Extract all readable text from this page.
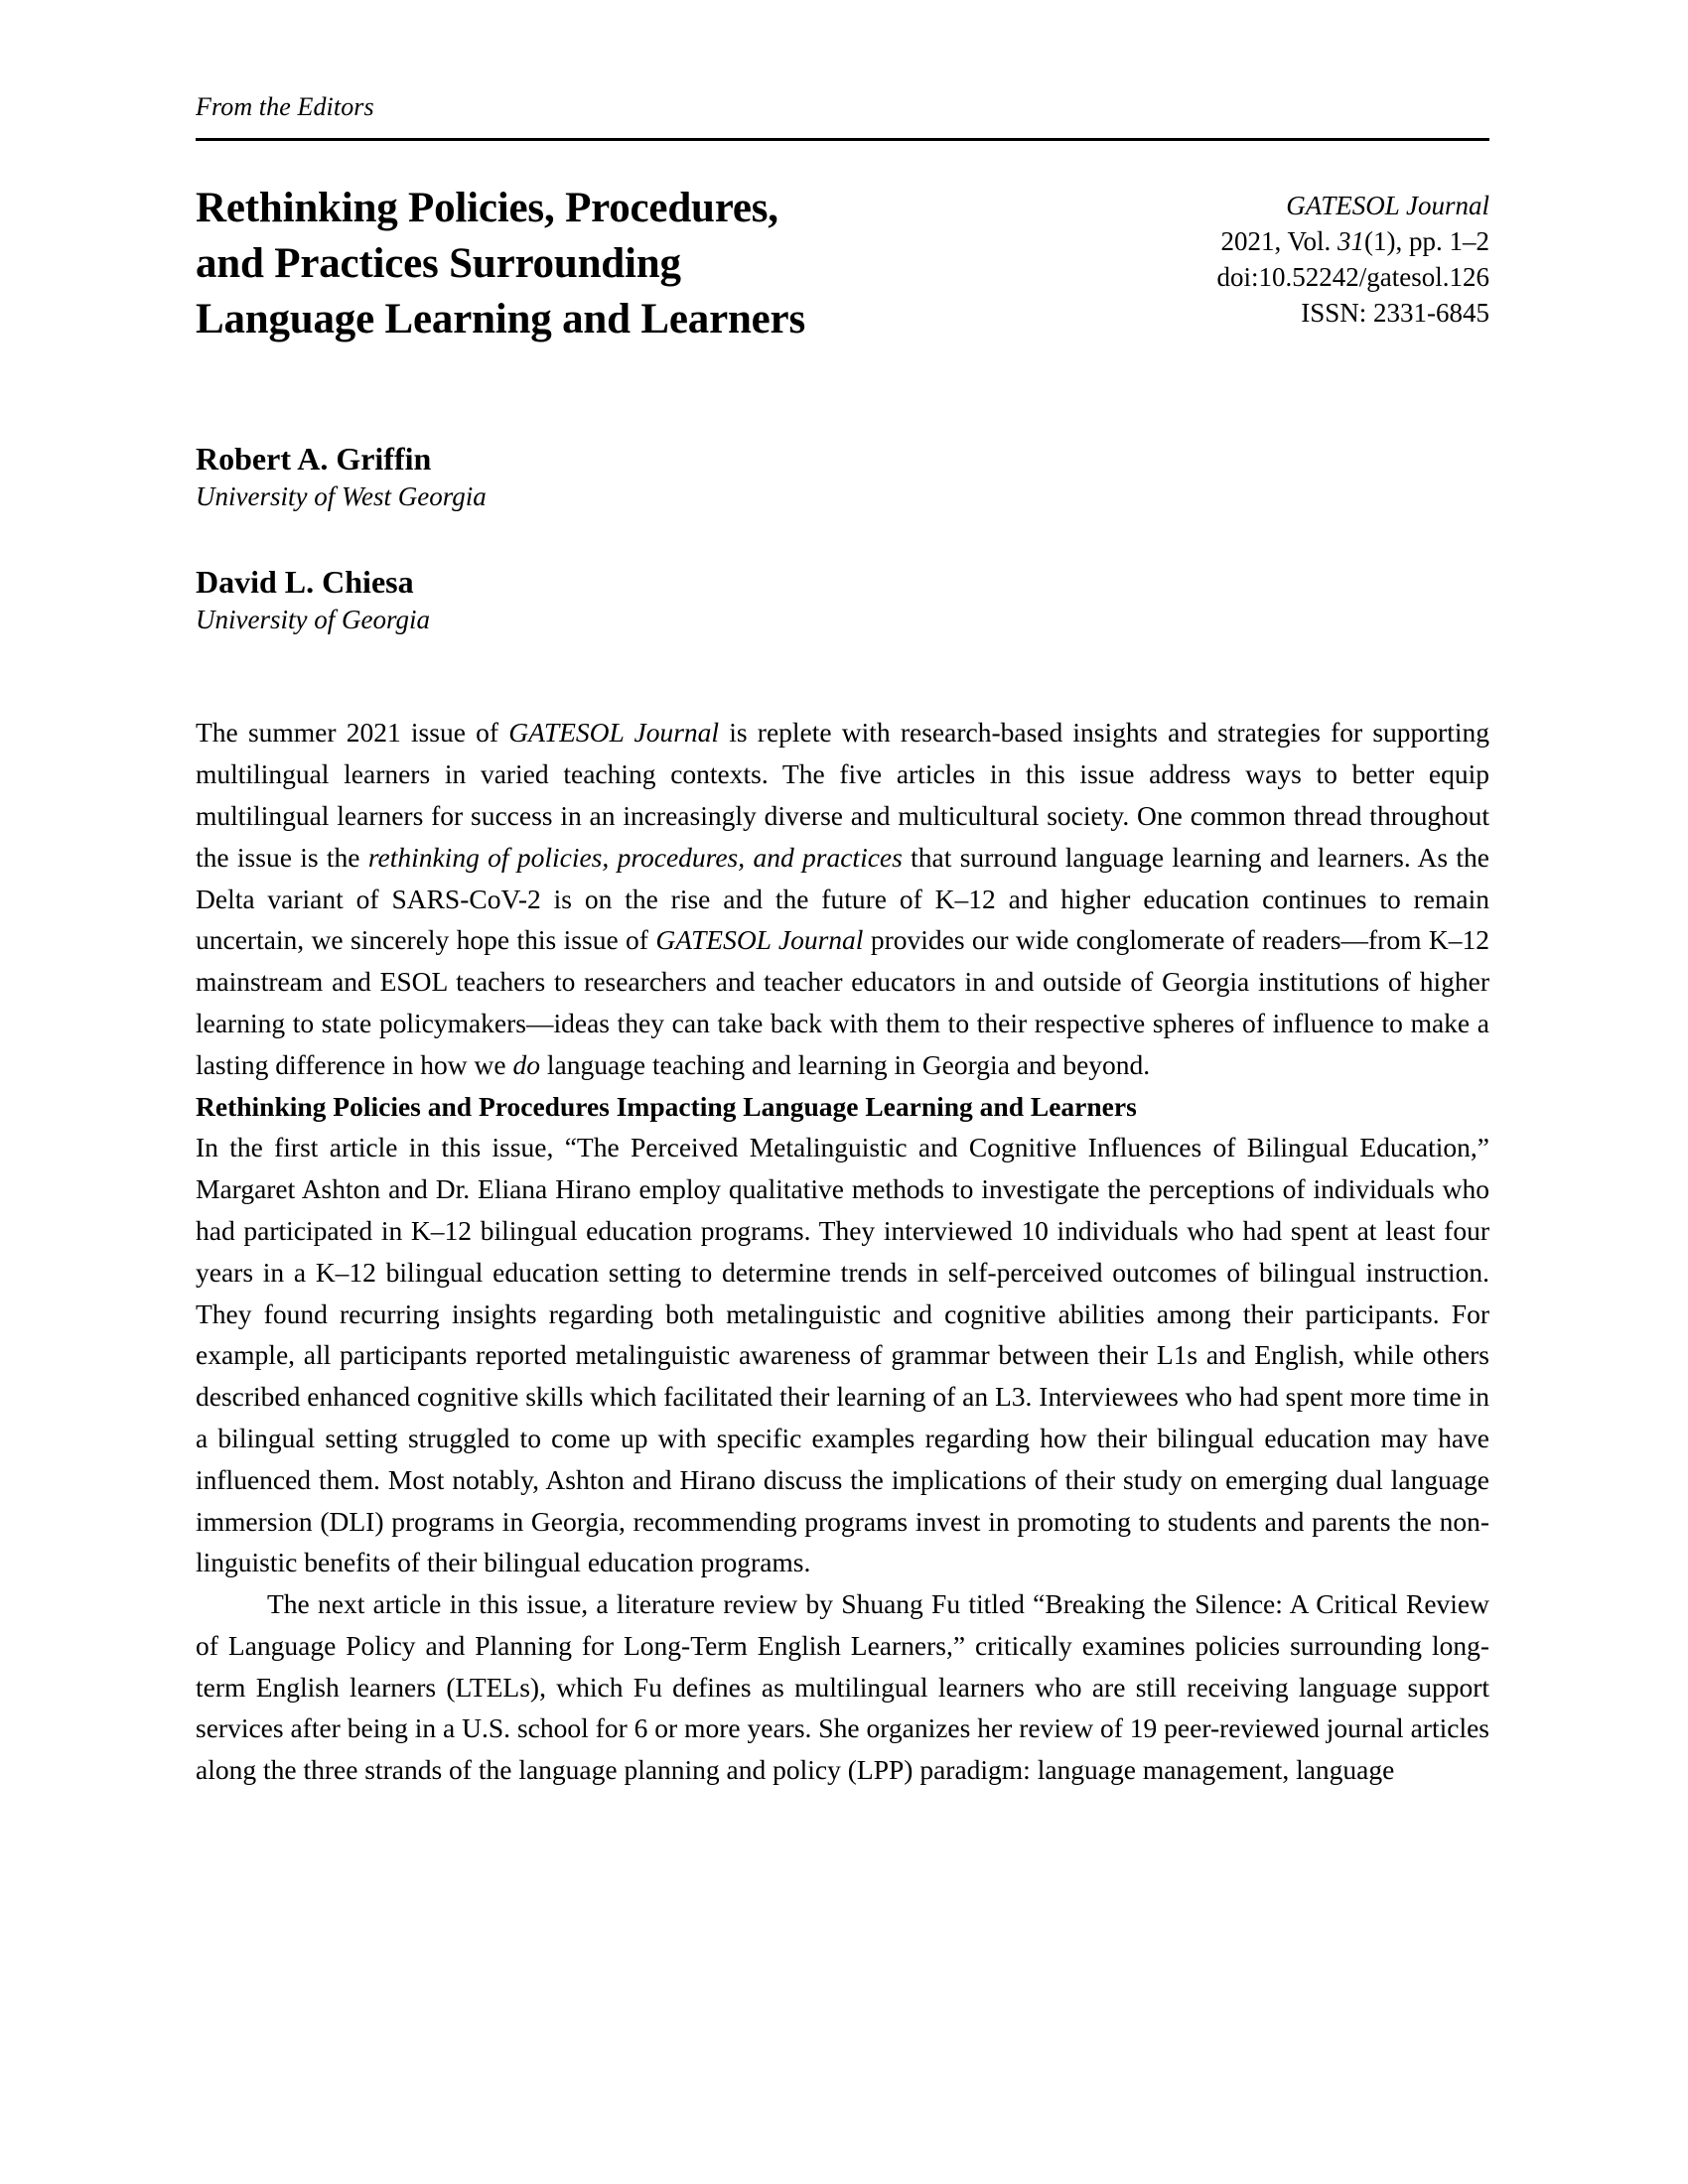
From the Editors
Rethinking Policies, Procedures,
and Practices Surrounding
Language Learning and Learners
GATESOL Journal
2021, Vol. 31(1), pp. 1–2
doi:10.52242/gatesol.126
ISSN: 2331-6845

Robert A. Griffin

University of West Georgia

David L. Chiesa

University of Georgia

The summer 2021 issue of GATESOL Journal is replete with research-based insights and strategies for supporting multilingual learners in varied teaching contexts. The five articles in this issue address ways to better equip multilingual learners for success in an increasingly diverse and multicultural society. One common thread throughout the issue is the rethinking of policies, procedures, and practices that surround language learning and learners. As the Delta variant of SARS-CoV-2 is on the rise and the future of K–12 and higher education continues to remain uncertain, we sincerely hope this issue of GATESOL Journal provides our wide conglomerate of readers—from K–12 mainstream and ESOL teachers to researchers and teacher educators in and outside of Georgia institutions of higher learning to state policymakers—ideas they can take back with them to their respective spheres of influence to make a lasting difference in how we do language teaching and learning in Georgia and beyond.

Rethinking Policies and Procedures Impacting Language Learning and Learners

In the first article in this issue, “The Perceived Metalinguistic and Cognitive Influences of Bilingual Education,” Margaret Ashton and Dr. Eliana Hirano employ qualitative methods to investigate the perceptions of individuals who had participated in K–12 bilingual education programs. They interviewed 10 individuals who had spent at least four years in a K–12 bilingual education setting to determine trends in self-perceived outcomes of bilingual instruction. They found recurring insights regarding both metalinguistic and cognitive abilities among their participants. For example, all participants reported metalinguistic awareness of grammar between their L1s and English, while others described enhanced cognitive skills which facilitated their learning of an L3. Interviewees who had spent more time in a bilingual setting struggled to come up with specific examples regarding how their bilingual education may have influenced them. Most notably, Ashton and Hirano discuss the implications of their study on emerging dual language immersion (DLI) programs in Georgia, recommending programs invest in promoting to students and parents the non-linguistic benefits of their bilingual education programs.

The next article in this issue, a literature review by Shuang Fu titled “Breaking the Silence: A Critical Review of Language Policy and Planning for Long-Term English Learners,” critically examines policies surrounding long-term English learners (LTELs), which Fu defines as multilingual learners who are still receiving language support services after being in a U.S. school for 6 or more years. She organizes her review of 19 peer-reviewed journal articles along the three strands of the language planning and policy (LPP) paradigm: language management, language
